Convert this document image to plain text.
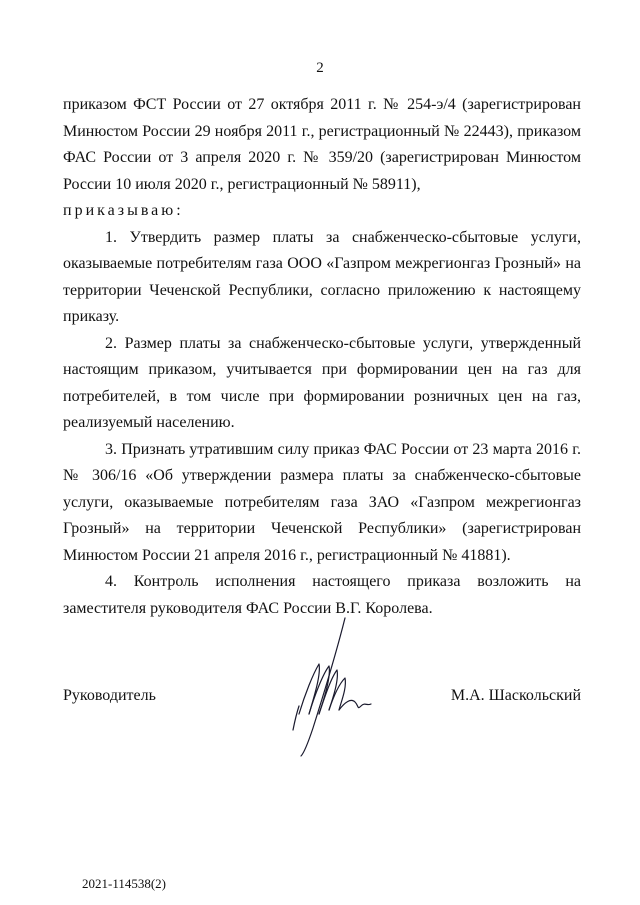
2

приказом ФСТ России от 27 октября 2011 г. № 254-э/4 (зарегистрирован Минюстом России 29 ноября 2011 г., регистрационный № 22443), приказом ФАС России от 3 апреля 2020 г. № 359/20 (зарегистрирован Минюстом России 10 июля 2020 г., регистрационный № 58911),

приказываю:

1. Утвердить размер платы за снабженческо-сбытовые услуги, оказываемые потребителям газа ООО «Газпром межрегионгаз Грозный» на территории Чеченской Республики, согласно приложению к настоящему приказу.

2. Размер платы за снабженческо-сбытовые услуги, утвержденный настоящим приказом, учитывается при формировании цен на газ для потребителей, в том числе при формировании розничных цен на газ, реализуемый населению.

3. Признать утратившим силу приказ ФАС России от 23 марта 2016 г. № 306/16 «Об утверждении размера платы за снабженческо-сбытовые услуги, оказываемые потребителям газа ЗАО «Газпром межрегионгаз Грозный» на территории Чеченской Республики» (зарегистрирован Минюстом России 21 апреля 2016 г., регистрационный № 41881).

4. Контроль исполнения настоящего приказа возложить на заместителя руководителя ФАС России В.Г. Королева.

Руководитель	М.А. Шаскольский
2021-114538(2)
